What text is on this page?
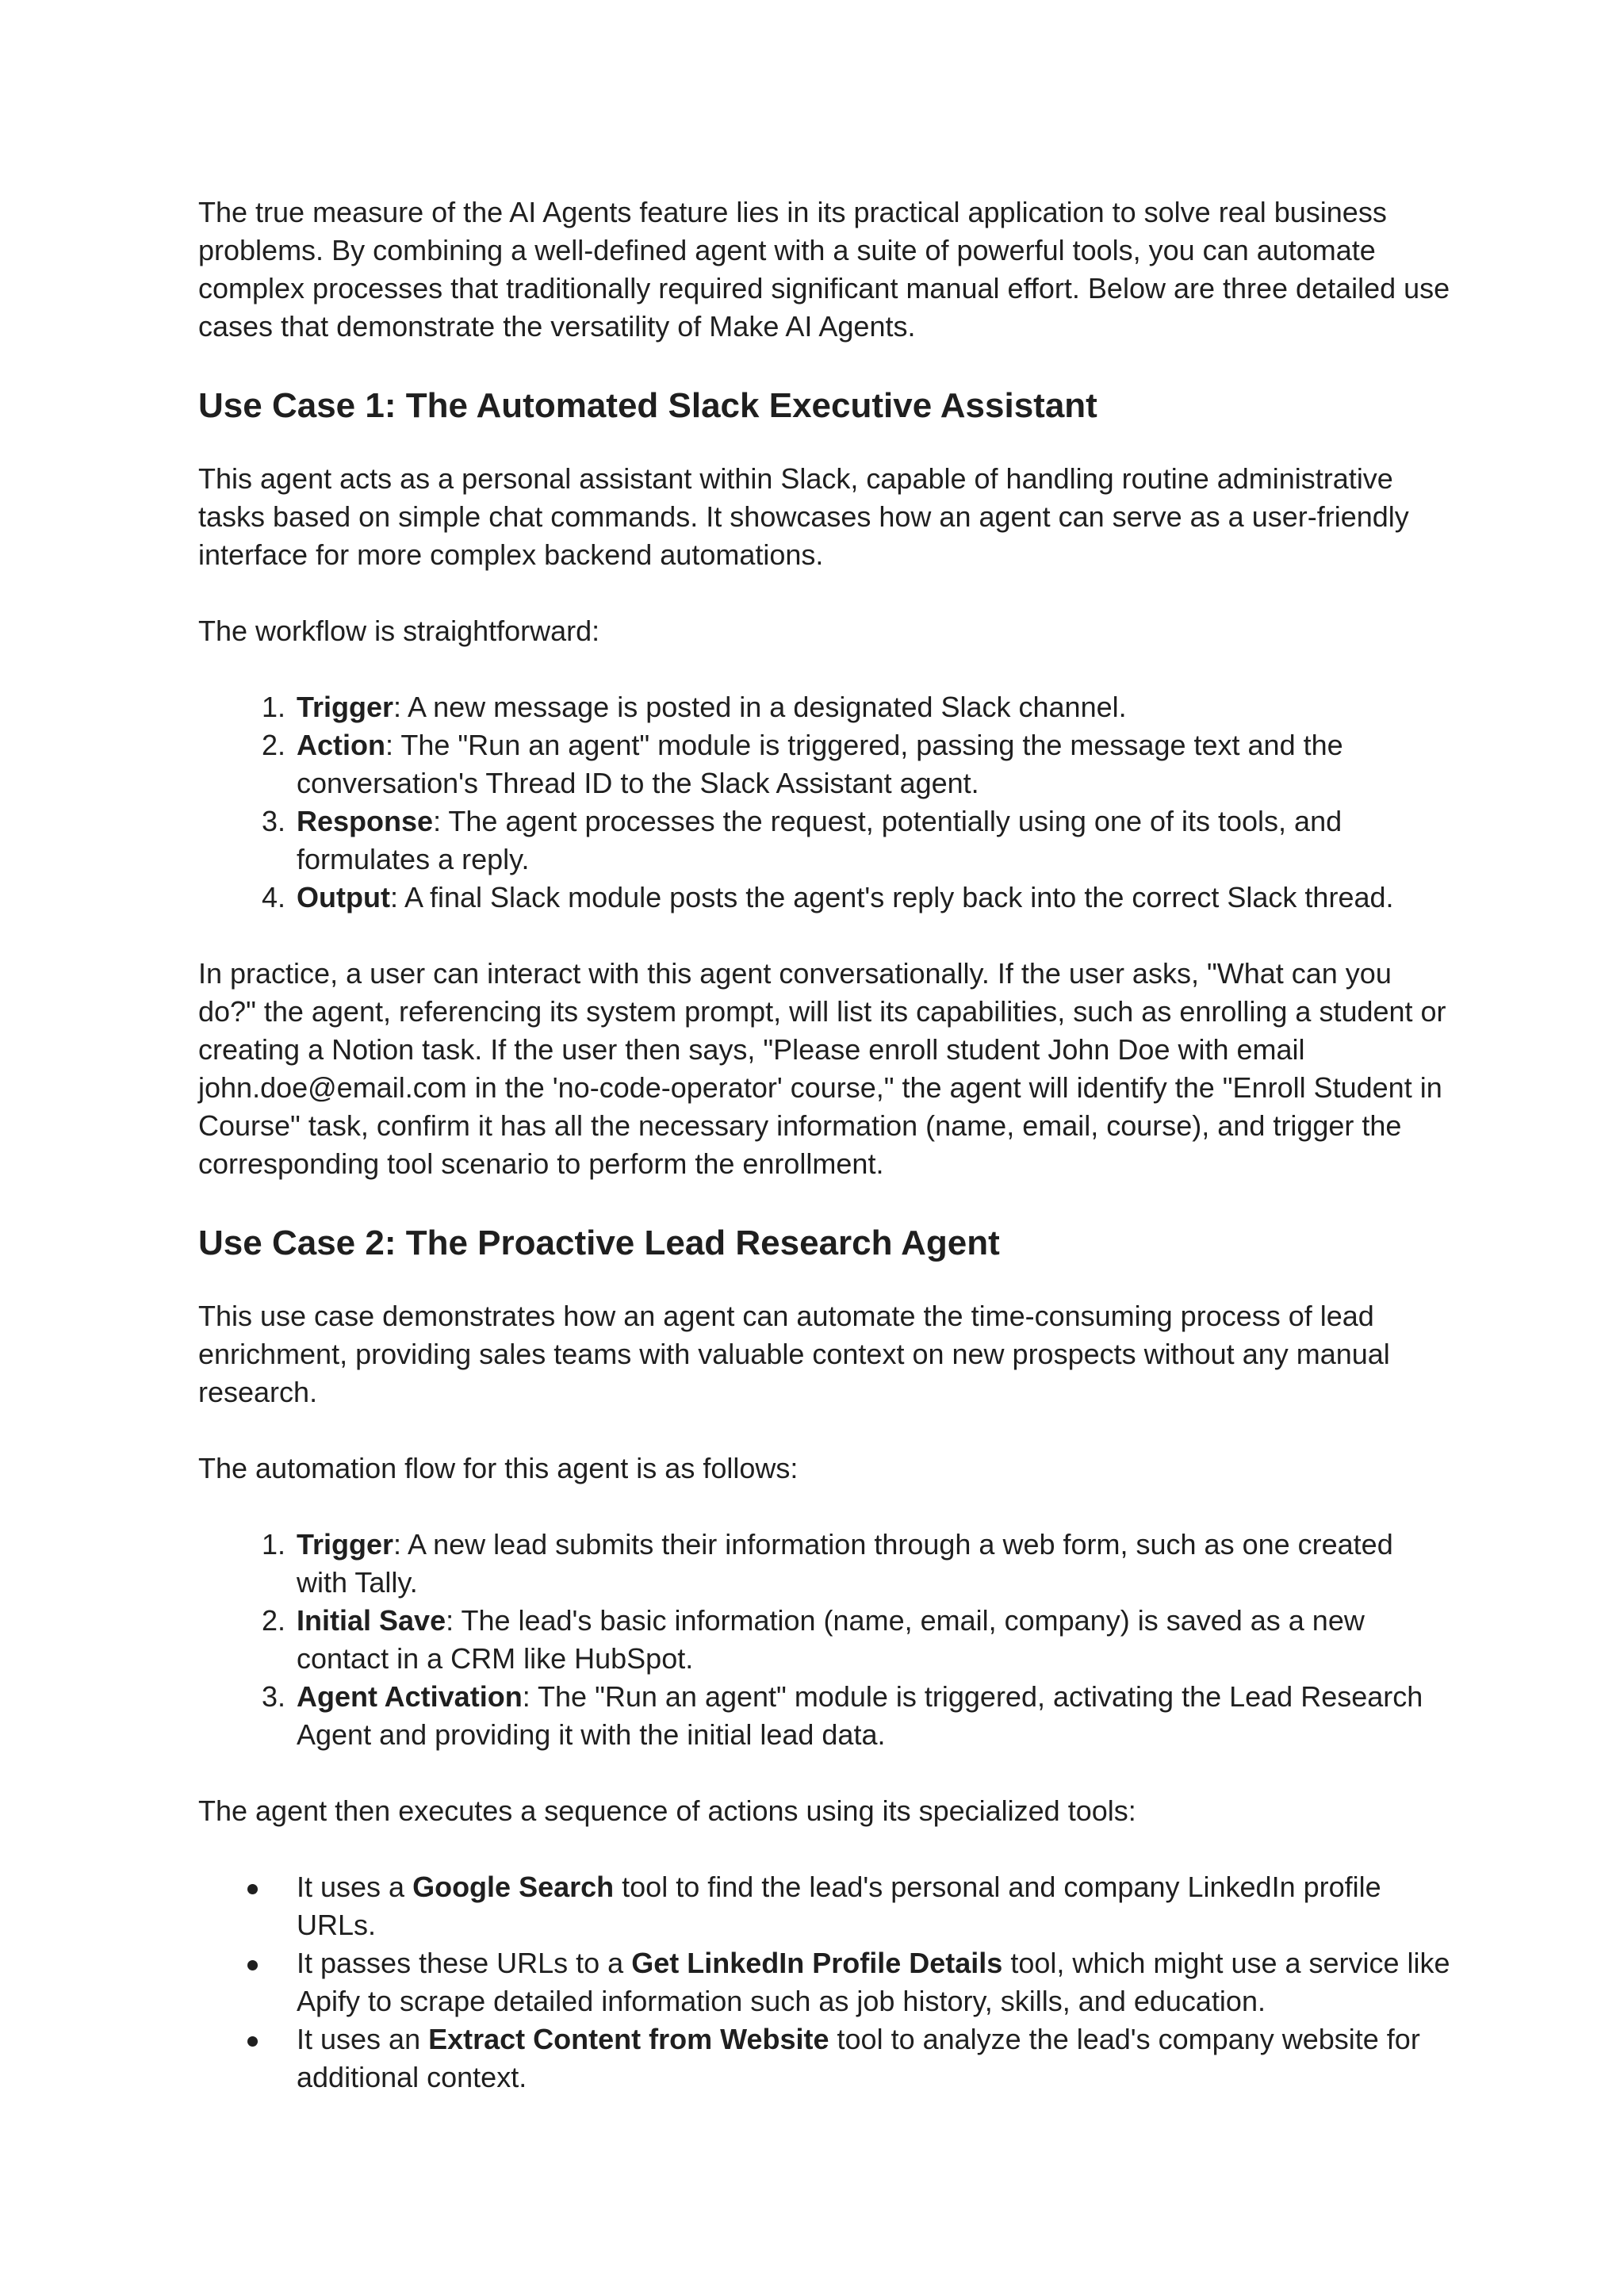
The true measure of the AI Agents feature lies in its practical application to solve real business problems. By combining a well-defined agent with a suite of powerful tools, you can automate complex processes that traditionally required significant manual effort. Below are three detailed use cases that demonstrate the versatility of Make AI Agents.

Use Case 1: The Automated Slack Executive Assistant

This agent acts as a personal assistant within Slack, capable of handling routine administrative tasks based on simple chat commands. It showcases how an agent can serve as a user-friendly interface for more complex backend automations.

The workflow is straightforward:

1. Trigger: A new message is posted in a designated Slack channel.
2. Action: The "Run an agent" module is triggered, passing the message text and the conversation's Thread ID to the Slack Assistant agent.
3. Response: The agent processes the request, potentially using one of its tools, and formulates a reply.
4. Output: A final Slack module posts the agent's reply back into the correct Slack thread.

In practice, a user can interact with this agent conversationally. If the user asks, "What can you do?" the agent, referencing its system prompt, will list its capabilities, such as enrolling a student or creating a Notion task. If the user then says, "Please enroll student John Doe with email john.doe@email.com in the 'no-code-operator' course," the agent will identify the "Enroll Student in Course" task, confirm it has all the necessary information (name, email, course), and trigger the corresponding tool scenario to perform the enrollment.

Use Case 2: The Proactive Lead Research Agent

This use case demonstrates how an agent can automate the time-consuming process of lead enrichment, providing sales teams with valuable context on new prospects without any manual research.

The automation flow for this agent is as follows:

1. Trigger: A new lead submits their information through a web form, such as one created with Tally.
2. Initial Save: The lead's basic information (name, email, company) is saved as a new contact in a CRM like HubSpot.
3. Agent Activation: The "Run an agent" module is triggered, activating the Lead Research Agent and providing it with the initial lead data.

The agent then executes a sequence of actions using its specialized tools:

It uses a Google Search tool to find the lead's personal and company LinkedIn profile URLs.
It passes these URLs to a Get LinkedIn Profile Details tool, which might use a service like Apify to scrape detailed information such as job history, skills, and education.
It uses an Extract Content from Website tool to analyze the lead's company website for additional context.
